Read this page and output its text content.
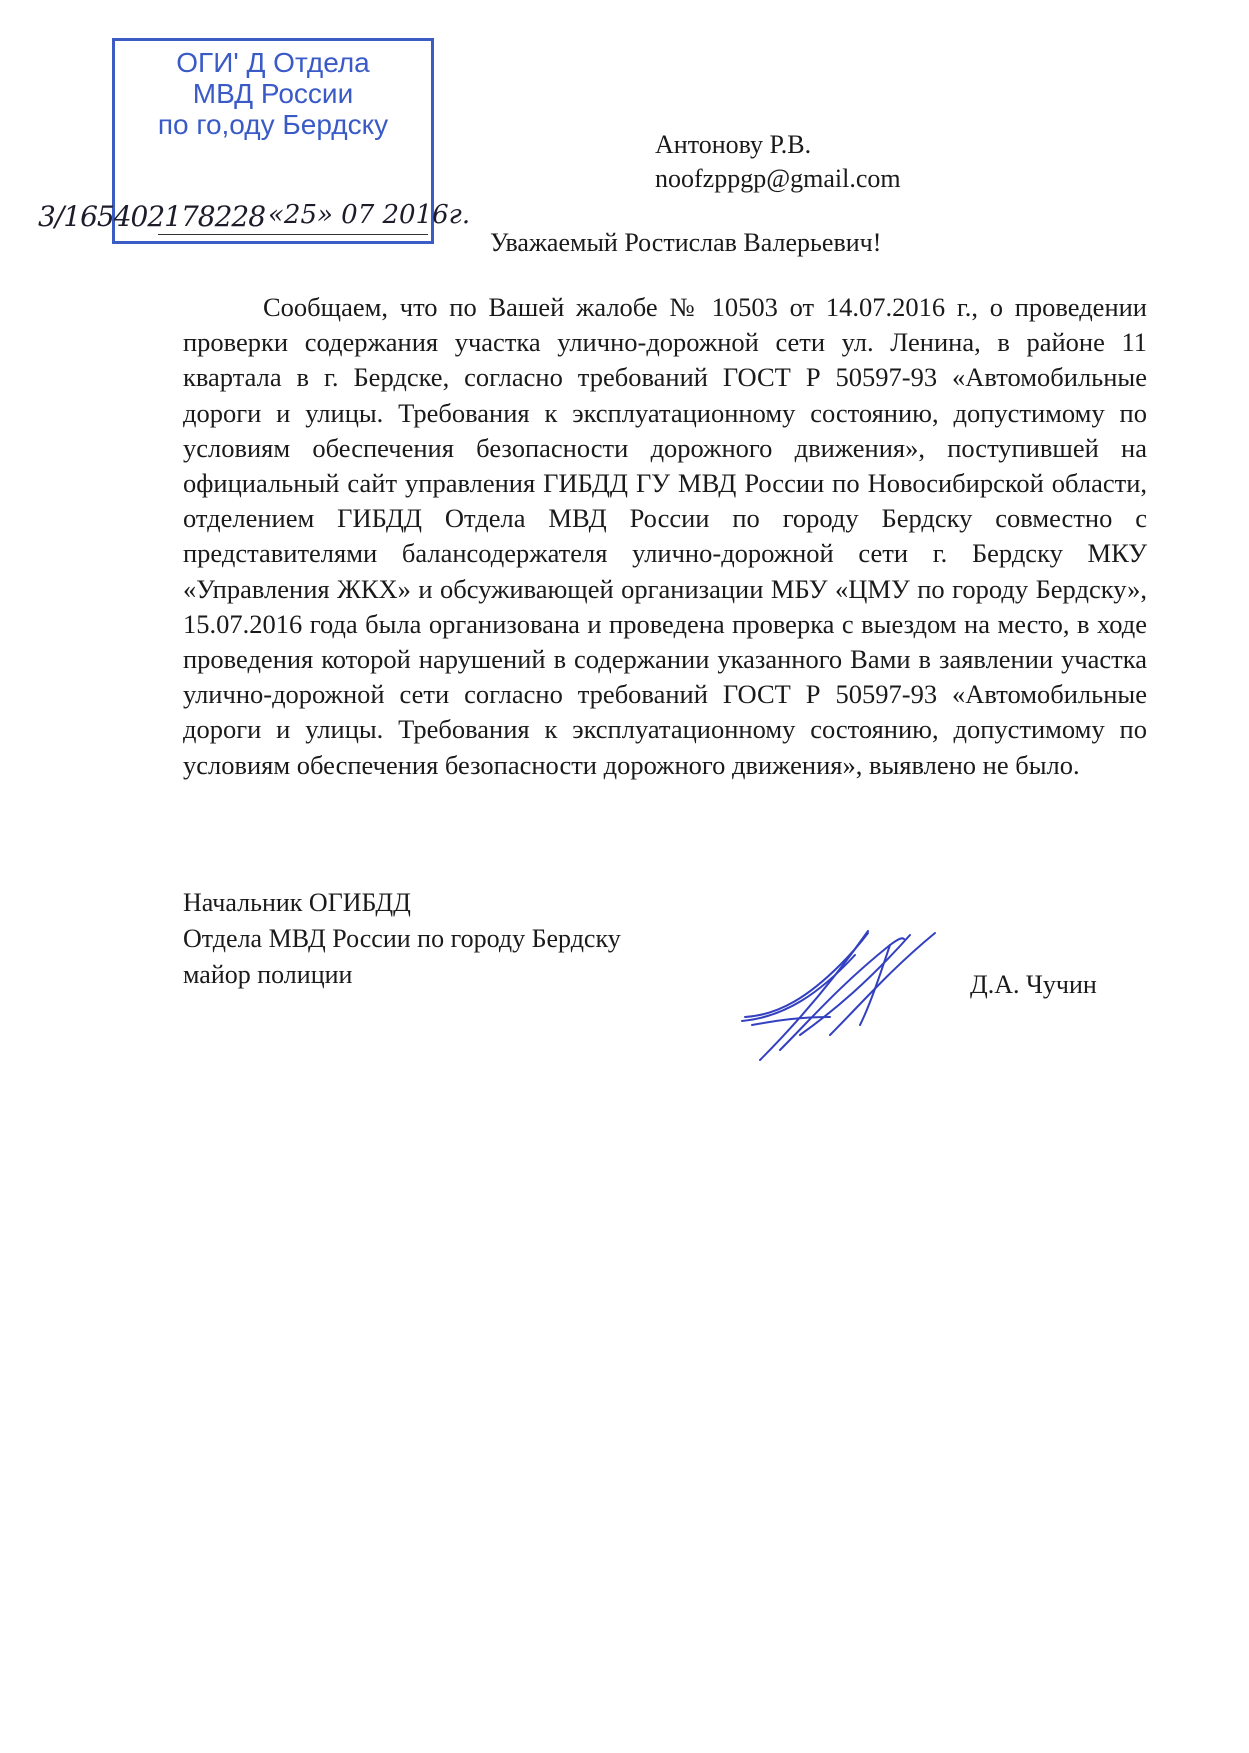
ОГИ' Д Отдела
МВД России
по го,оду Бердску
3/165402178228 «25» 07 2016г.
Антонову Р.В.
noofzppgp@gmail.com
Уважаемый Ростислав Валерьевич!
Сообщаем, что по Вашей жалобе № 10503 от 14.07.2016 г., о проведении проверки содержания участка улично-дорожной сети ул. Ленина, в районе 11 квартала в г. Бердске, согласно требований ГОСТ Р 50597-93 «Автомобильные дороги и улицы. Требования к эксплуатационному состоянию, допустимому по условиям обеспечения безопасности дорожного движения», поступившей на официальный сайт управления ГИБДД ГУ МВД России по Новосибирской области, отделением ГИБДД Отдела МВД России по городу Бердску совместно с представителями балансодержателя улично-дорожной сети г. Бердску МКУ «Управления ЖКХ» и обсуживающей организации МБУ «ЦМУ по городу Бердску», 15.07.2016 года была организована и проведена проверка с выездом на место, в ходе проведения которой нарушений в содержании указанного Вами в заявлении участка улично-дорожной сети согласно требований ГОСТ Р 50597-93 «Автомобильные дороги и улицы. Требования к эксплуатационному состоянию, допустимому по условиям обеспечения безопасности дорожного движения», выявлено не было.
Начальник ОГИБДД
Отдела МВД России по городу Бердску
майор полиции	Д.А. Чучин
